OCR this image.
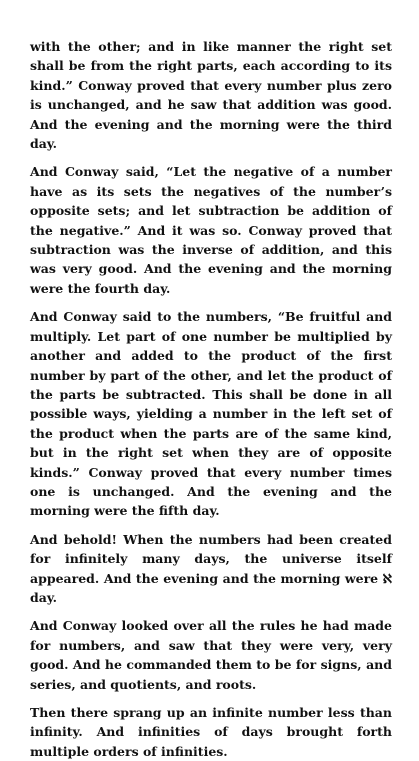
with the other; and in like manner the right set shall be from the right parts, each according to its kind.” Conway proved that every number plus zero is unchanged, and he saw that addition was good. And the evening and the morning were the third day.

And Conway said, “Let the negative of a number have as its sets the negatives of the number’s opposite sets; and let subtraction be addition of the negative.” And it was so. Conway proved that subtraction was the inverse of addition, and this was very good. And the evening and the morning were the fourth day.

And Conway said to the numbers, “Be fruitful and multiply. Let part of one number be multiplied by another and added to the product of the first number by part of the other, and let the product of the parts be subtracted. This shall be done in all possible ways, yielding a number in the left set of the product when the parts are of the same kind, but in the right set when they are of opposite kinds.” Conway proved that every number times one is unchanged. And the evening and the morning were the fifth day.

And behold! When the numbers had been created for infinitely many days, the universe itself appeared. And the evening and the morning were ℵ day.

And Conway looked over all the rules he had made for numbers, and saw that they were very, very good. And he commanded them to be for signs, and series, and quotients, and roots.

Then there sprang up an infinite number less than infinity. And infinities of days brought forth multiple orders of infinities.
